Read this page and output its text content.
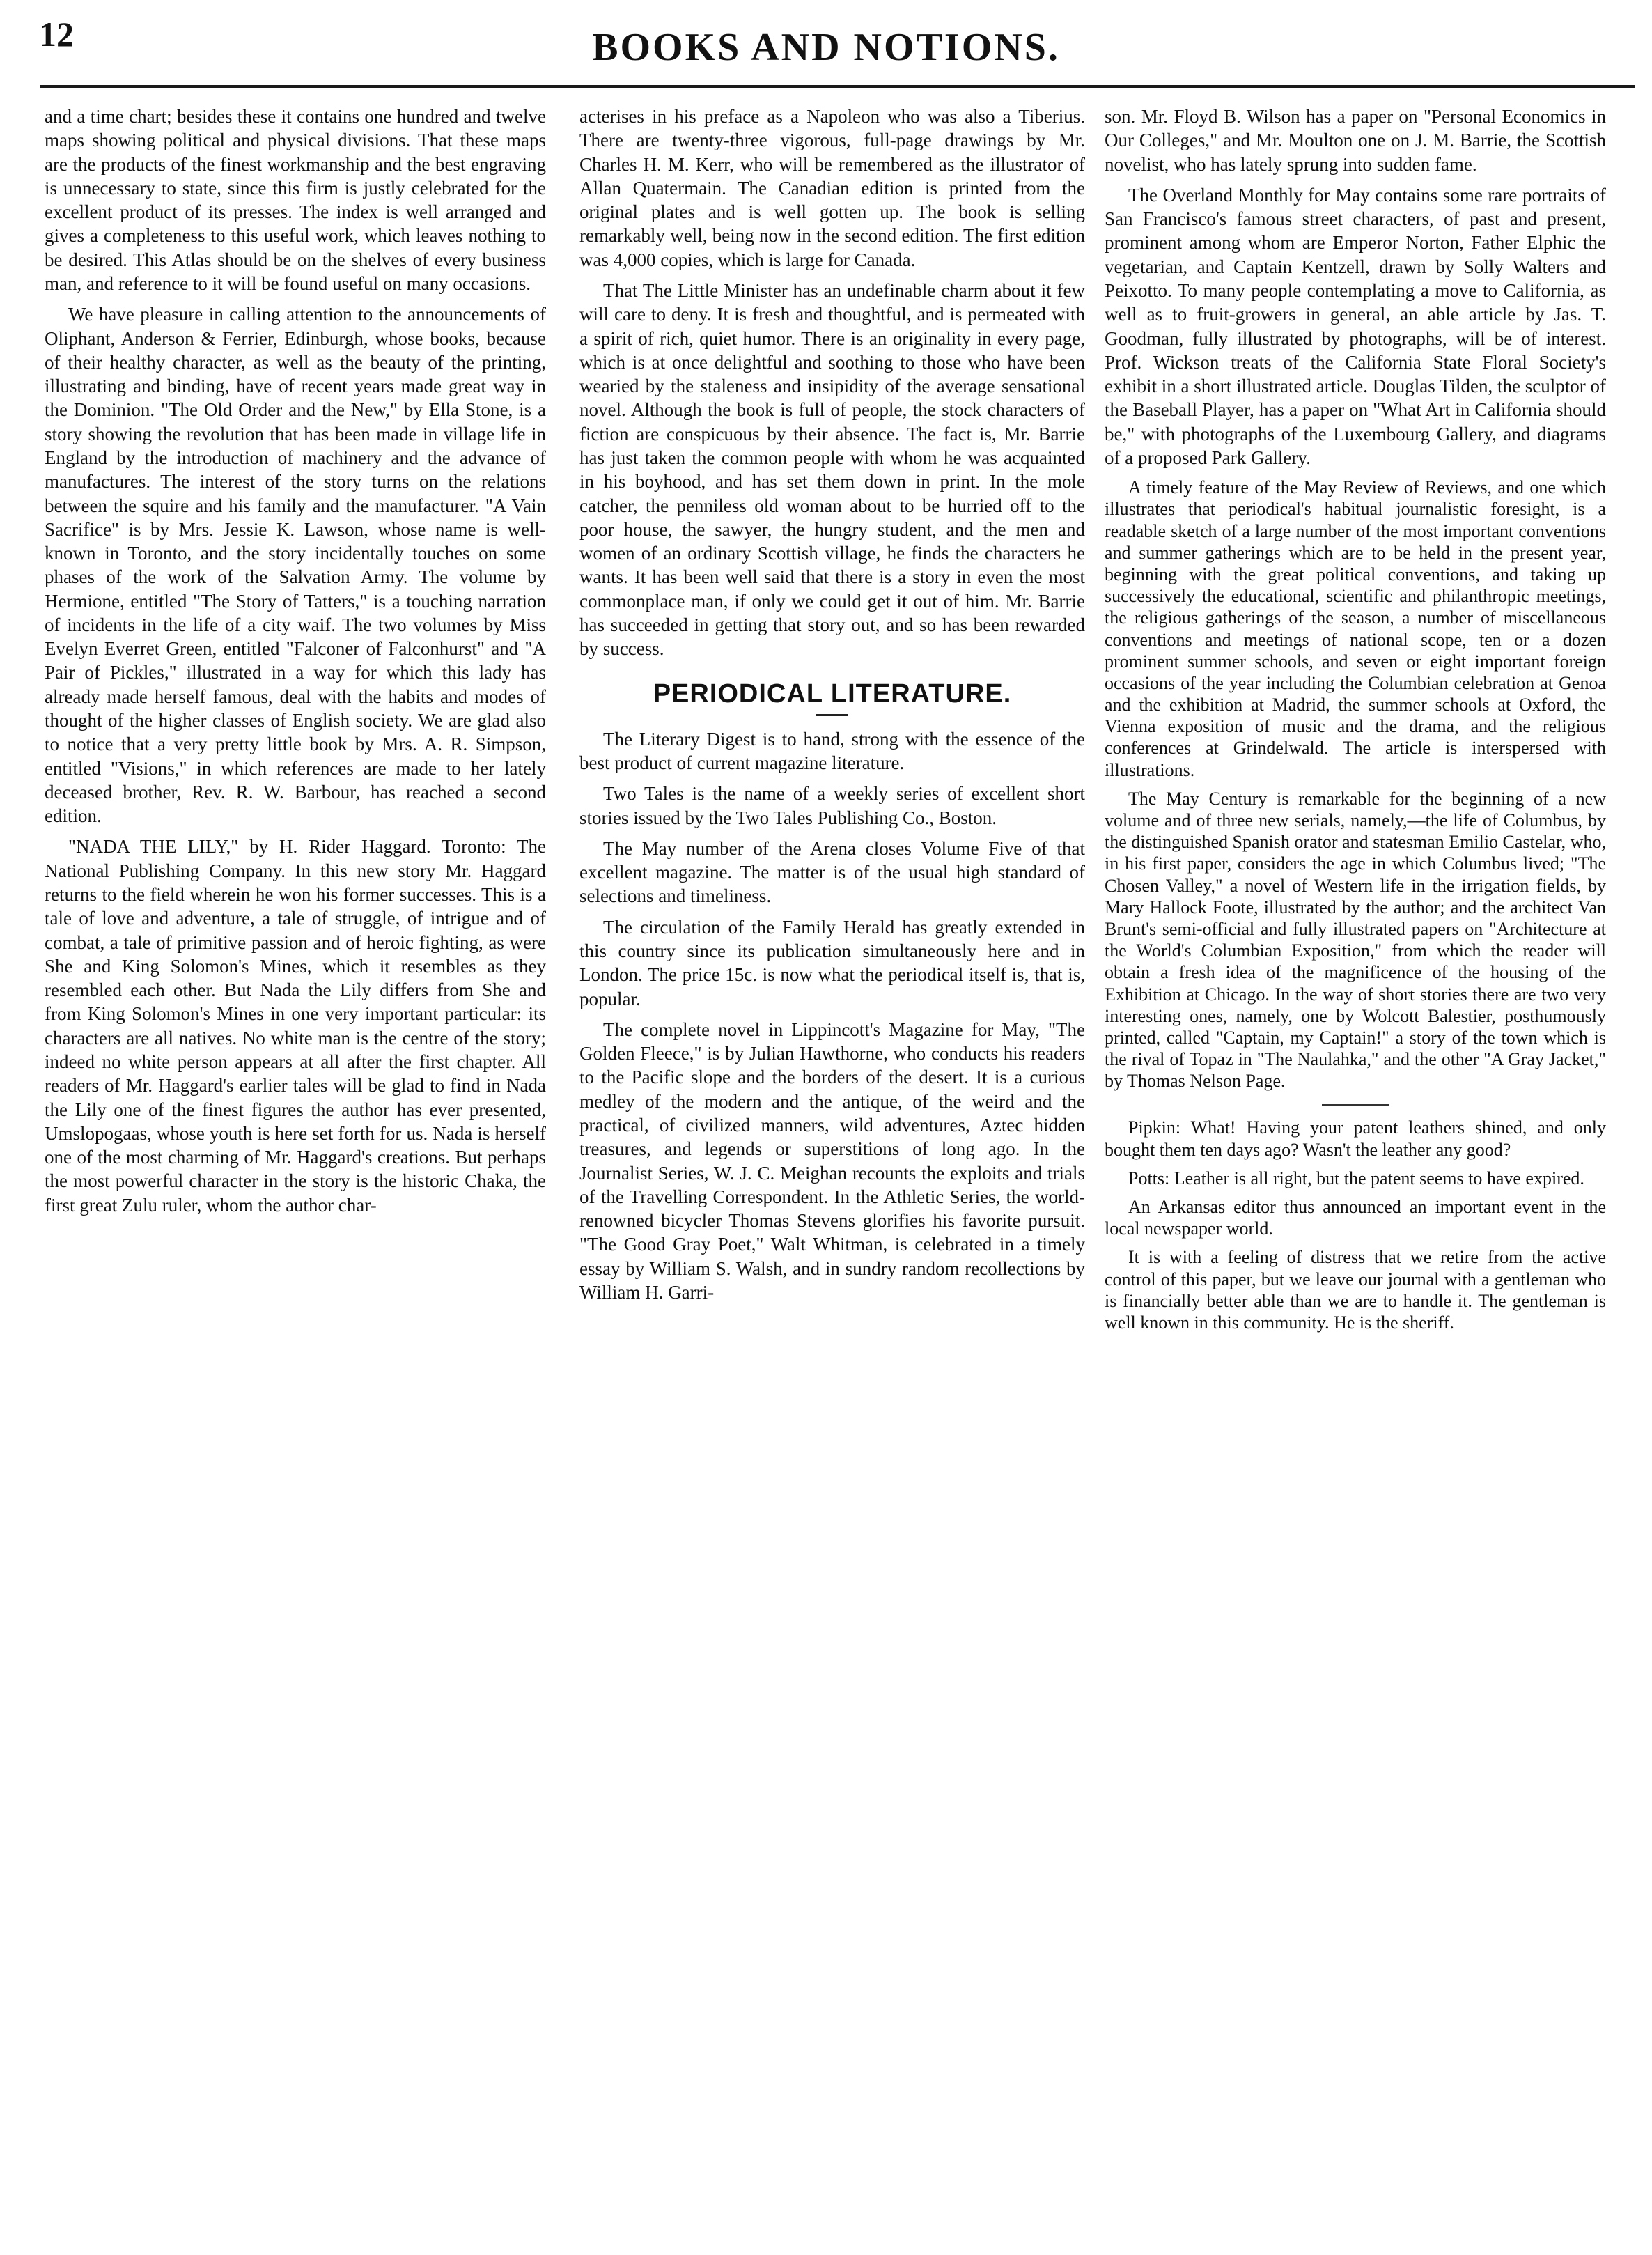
12	BOOKS AND NOTIONS.

and a time chart; besides these it contains one hundred and twelve maps showing political and physical divisions. That these maps are the products of the finest workmanship and the best engraving is unnecessary to state, since this firm is justly celebrated for the excellent product of its presses. The index is well arranged and gives a completeness to this useful work, which leaves nothing to be desired. This Atlas should be on the shelves of every business man, and reference to it will be found useful on many occasions.

We have pleasure in calling attention to the announcements of Oliphant, Anderson & Ferrier, Edinburgh, whose books, because of their healthy character, as well as the beauty of the printing, illustrating and binding, have of recent years made great way in the Dominion. "The Old Order and the New," by Ella Stone, is a story showing the revolution that has been made in village life in England by the introduction of machinery and the advance of manufactures. The interest of the story turns on the relations between the squire and his family and the manufacturer. "A Vain Sacrifice" is by Mrs. Jessie K. Lawson, whose name is well-known in Toronto, and the story incidentally touches on some phases of the work of the Salvation Army. The volume by Hermione, entitled "The Story of Tatters," is a touching narration of incidents in the life of a city waif. The two volumes by Miss Evelyn Everret Green, entitled "Falconer of Falconhurst" and "A Pair of Pickles," illustrated in a way for which this lady has already made herself famous, deal with the habits and modes of thought of the higher classes of English society. We are glad also to notice that a very pretty little book by Mrs. A. R. Simpson, entitled "Visions," in which references are made to her lately deceased brother, Rev. R. W. Barbour, has reached a second edition.

"NADA THE LILY," by H. Rider Haggard. Toronto: The National Publishing Company. In this new story Mr. Haggard returns to the field wherein he won his former successes. This is a tale of love and adventure, a tale of struggle, of intrigue and of combat, a tale of primitive passion and of heroic fighting, as were She and King Solomon's Mines, which it resembles as they resembled each other. But Nada the Lily differs from She and from King Solomon's Mines in one very important particular: its characters are all natives. No white man is the centre of the story; indeed no white person appears at all after the first chapter. All readers of Mr. Haggard's earlier tales will be glad to find in Nada the Lily one of the finest figures the author has ever presented, Umslopogaas, whose youth is here set forth for us. Nada is herself one of the most charming of Mr. Haggard's creations. But perhaps the most powerful character in the story is the historic Chaka, the first great Zulu ruler, whom the author char-

acterises in his preface as a Napoleon who was also a Tiberius. There are twenty-three vigorous, full-page drawings by Mr. Charles H. M. Kerr, who will be remembered as the illustrator of Allan Quatermain. The Canadian edition is printed from the original plates and is well gotten up. The book is selling remarkably well, being now in the second edition. The first edition was 4,000 copies, which is large for Canada.

That The Little Minister has an undefinable charm about it few will care to deny. It is fresh and thoughtful, and is permeated with a spirit of rich, quiet humor. There is an originality in every page, which is at once delightful and soothing to those who have been wearied by the staleness and insipidity of the average sensational novel. Although the book is full of people, the stock characters of fiction are conspicuous by their absence. The fact is, Mr. Barrie has just taken the common people with whom he was acquainted in his boyhood, and has set them down in print. In the mole catcher, the penniless old woman about to be hurried off to the poor house, the sawyer, the hungry student, and the men and women of an ordinary Scottish village, he finds the characters he wants. It has been well said that there is a story in even the most commonplace man, if only we could get it out of him. Mr. Barrie has succeeded in getting that story out, and so has been rewarded by success.

PERIODICAL LITERATURE.

The Literary Digest is to hand, strong with the essence of the best product of current magazine literature.

Two Tales is the name of a weekly series of excellent short stories issued by the Two Tales Publishing Co., Boston.

The May number of the Arena closes Volume Five of that excellent magazine. The matter is of the usual high standard of selections and timeliness.

The circulation of the Family Herald has greatly extended in this country since its publication simultaneously here and in London. The price 15c. is now what the periodical itself is, that is, popular.

The complete novel in Lippincott's Magazine for May, "The Golden Fleece," is by Julian Hawthorne, who conducts his readers to the Pacific slope and the borders of the desert. It is a curious medley of the modern and the antique, of the weird and the practical, of civilized manners, wild adventures, Aztec hidden treasures, and legends or superstitions of long ago. In the Journalist Series, W. J. C. Meighan recounts the exploits and trials of the Travelling Correspondent. In the Athletic Series, the world-renowned bicycler Thomas Stevens glorifies his favorite pursuit. "The Good Gray Poet," Walt Whitman, is celebrated in a timely essay by William S. Walsh, and in sundry random recollections by William H. Garri-

son. Mr. Floyd B. Wilson has a paper on "Personal Economics in Our Colleges," and Mr. Moulton one on J. M. Barrie, the Scottish novelist, who has lately sprung into sudden fame.

The Overland Monthly for May contains some rare portraits of San Francisco's famous street characters, of past and present, prominent among whom are Emperor Norton, Father Elphic the vegetarian, and Captain Kentzell, drawn by Solly Walters and Peixotto. To many people contemplating a move to California, as well as to fruit-growers in general, an able article by Jas. T. Goodman, fully illustrated by photographs, will be of interest. Prof. Wickson treats of the California State Floral Society's exhibit in a short illustrated article. Douglas Tilden, the sculptor of the Baseball Player, has a paper on "What Art in California should be," with photographs of the Luxembourg Gallery, and diagrams of a proposed Park Gallery.

A timely feature of the May Review of Reviews, and one which illustrates that periodical's habitual journalistic foresight, is a readable sketch of a large number of the most important conventions and summer gatherings which are to be held in the present year, beginning with the great political conventions, and taking up successively the educational, scientific and philanthropic meetings, the religious gatherings of the season, a number of miscellaneous conventions and meetings of national scope, ten or a dozen prominent summer schools, and seven or eight important foreign occasions of the year including the Columbian celebration at Genoa and the exhibition at Madrid, the summer schools at Oxford, the Vienna exposition of music and the drama, and the religious conferences at Grindelwald. The article is interspersed with illustrations.

The May Century is remarkable for the beginning of a new volume and of three new serials, namely,—the life of Columbus, by the distinguished Spanish orator and statesman Emilio Castelar, who, in his first paper, considers the age in which Columbus lived; "The Chosen Valley," a novel of Western life in the irrigation fields, by Mary Hallock Foote, illustrated by the author; and the architect Van Brunt's semi-official and fully illustrated papers on "Architecture at the World's Columbian Exposition," from which the reader will obtain a fresh idea of the magnificence of the housing of the Exhibition at Chicago. In the way of short stories there are two very interesting ones, namely, one by Wolcott Balestier, posthumously printed, called "Captain, my Captain!" a story of the town which is the rival of Topaz in "The Naulahka," and the other "A Gray Jacket," by Thomas Nelson Page.

Pipkin: What! Having your patent leathers shined, and only bought them ten days ago? Wasn't the leather any good?

Potts: Leather is all right, but the patent seems to have expired.

An Arkansas editor thus announced an important event in the local newspaper world.

It is with a feeling of distress that we retire from the active control of this paper, but we leave our journal with a gentleman who is financially better able than we are to handle it. The gentleman is well known in this community. He is the sheriff.
